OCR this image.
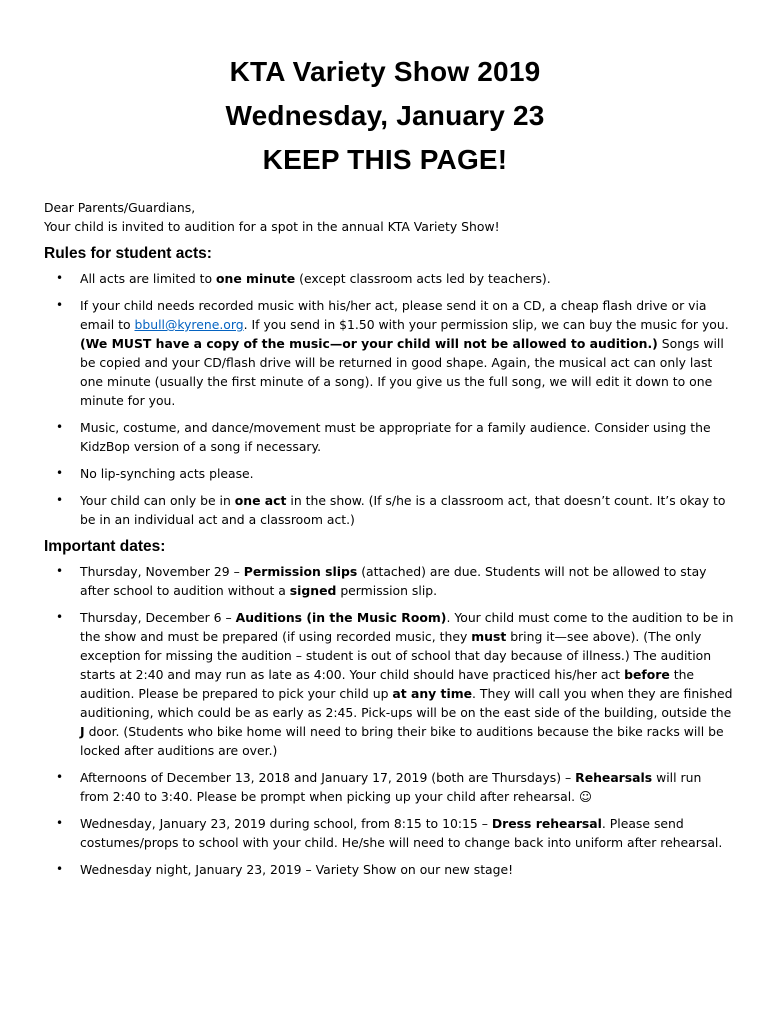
KTA Variety Show 2019
Wednesday, January 23
KEEP THIS PAGE!

Dear Parents/Guardians,

Your child is invited to audition for a spot in the annual KTA Variety Show!

Rules for student acts:
• All acts are limited to one minute (except classroom acts led by teachers).
• If your child needs recorded music with his/her act, please send it on a CD, a cheap flash drive or via email to bbull@kyrene.org. If you send in $1.50 with your permission slip, we can buy the music for you. (We MUST have a copy of the music—or your child will not be allowed to audition.) Songs will be copied and your CD/flash drive will be returned in good shape. Again, the musical act can only last one minute (usually the first minute of a song). If you give us the full song, we will edit it down to one minute for you.
• Music, costume, and dance/movement must be appropriate for a family audience. Consider using the KidzBop version of a song if necessary.
• No lip-synching acts please.
• Your child can only be in one act in the show. (If s/he is a classroom act, that doesn’t count. It’s okay to be in an individual act and a classroom act.)
Important dates:
• Thursday, November 29 – Permission slips (attached) are due. Students will not be allowed to stay after school to audition without a signed permission slip.
• Thursday, December 6 – Auditions (in the Music Room). Your child must come to the audition to be in the show and must be prepared (if using recorded music, they must bring it—see above). (The only exception for missing the audition – student is out of school that day because of illness.) The audition starts at 2:40 and may run as late as 4:00. Your child should have practiced his/her act before the audition. Please be prepared to pick your child up at any time. They will call you when they are finished auditioning, which could be as early as 2:45. Pick-ups will be on the east side of the building, outside the J door. (Students who bike home will need to bring their bike to auditions because the bike racks will be locked after auditions are over.)
• Afternoons of December 13, 2018 and January 17, 2019 (both are Thursdays) – Rehearsals will run from 2:40 to 3:40. Please be prompt when picking up your child after rehearsal. ☺
• Wednesday, January 23, 2019 during school, from 8:15 to 10:15 – Dress rehearsal. Please send costumes/props to school with your child. He/she will need to change back into uniform after rehearsal.
• Wednesday night, January 23, 2019 – Variety Show on our new stage!
